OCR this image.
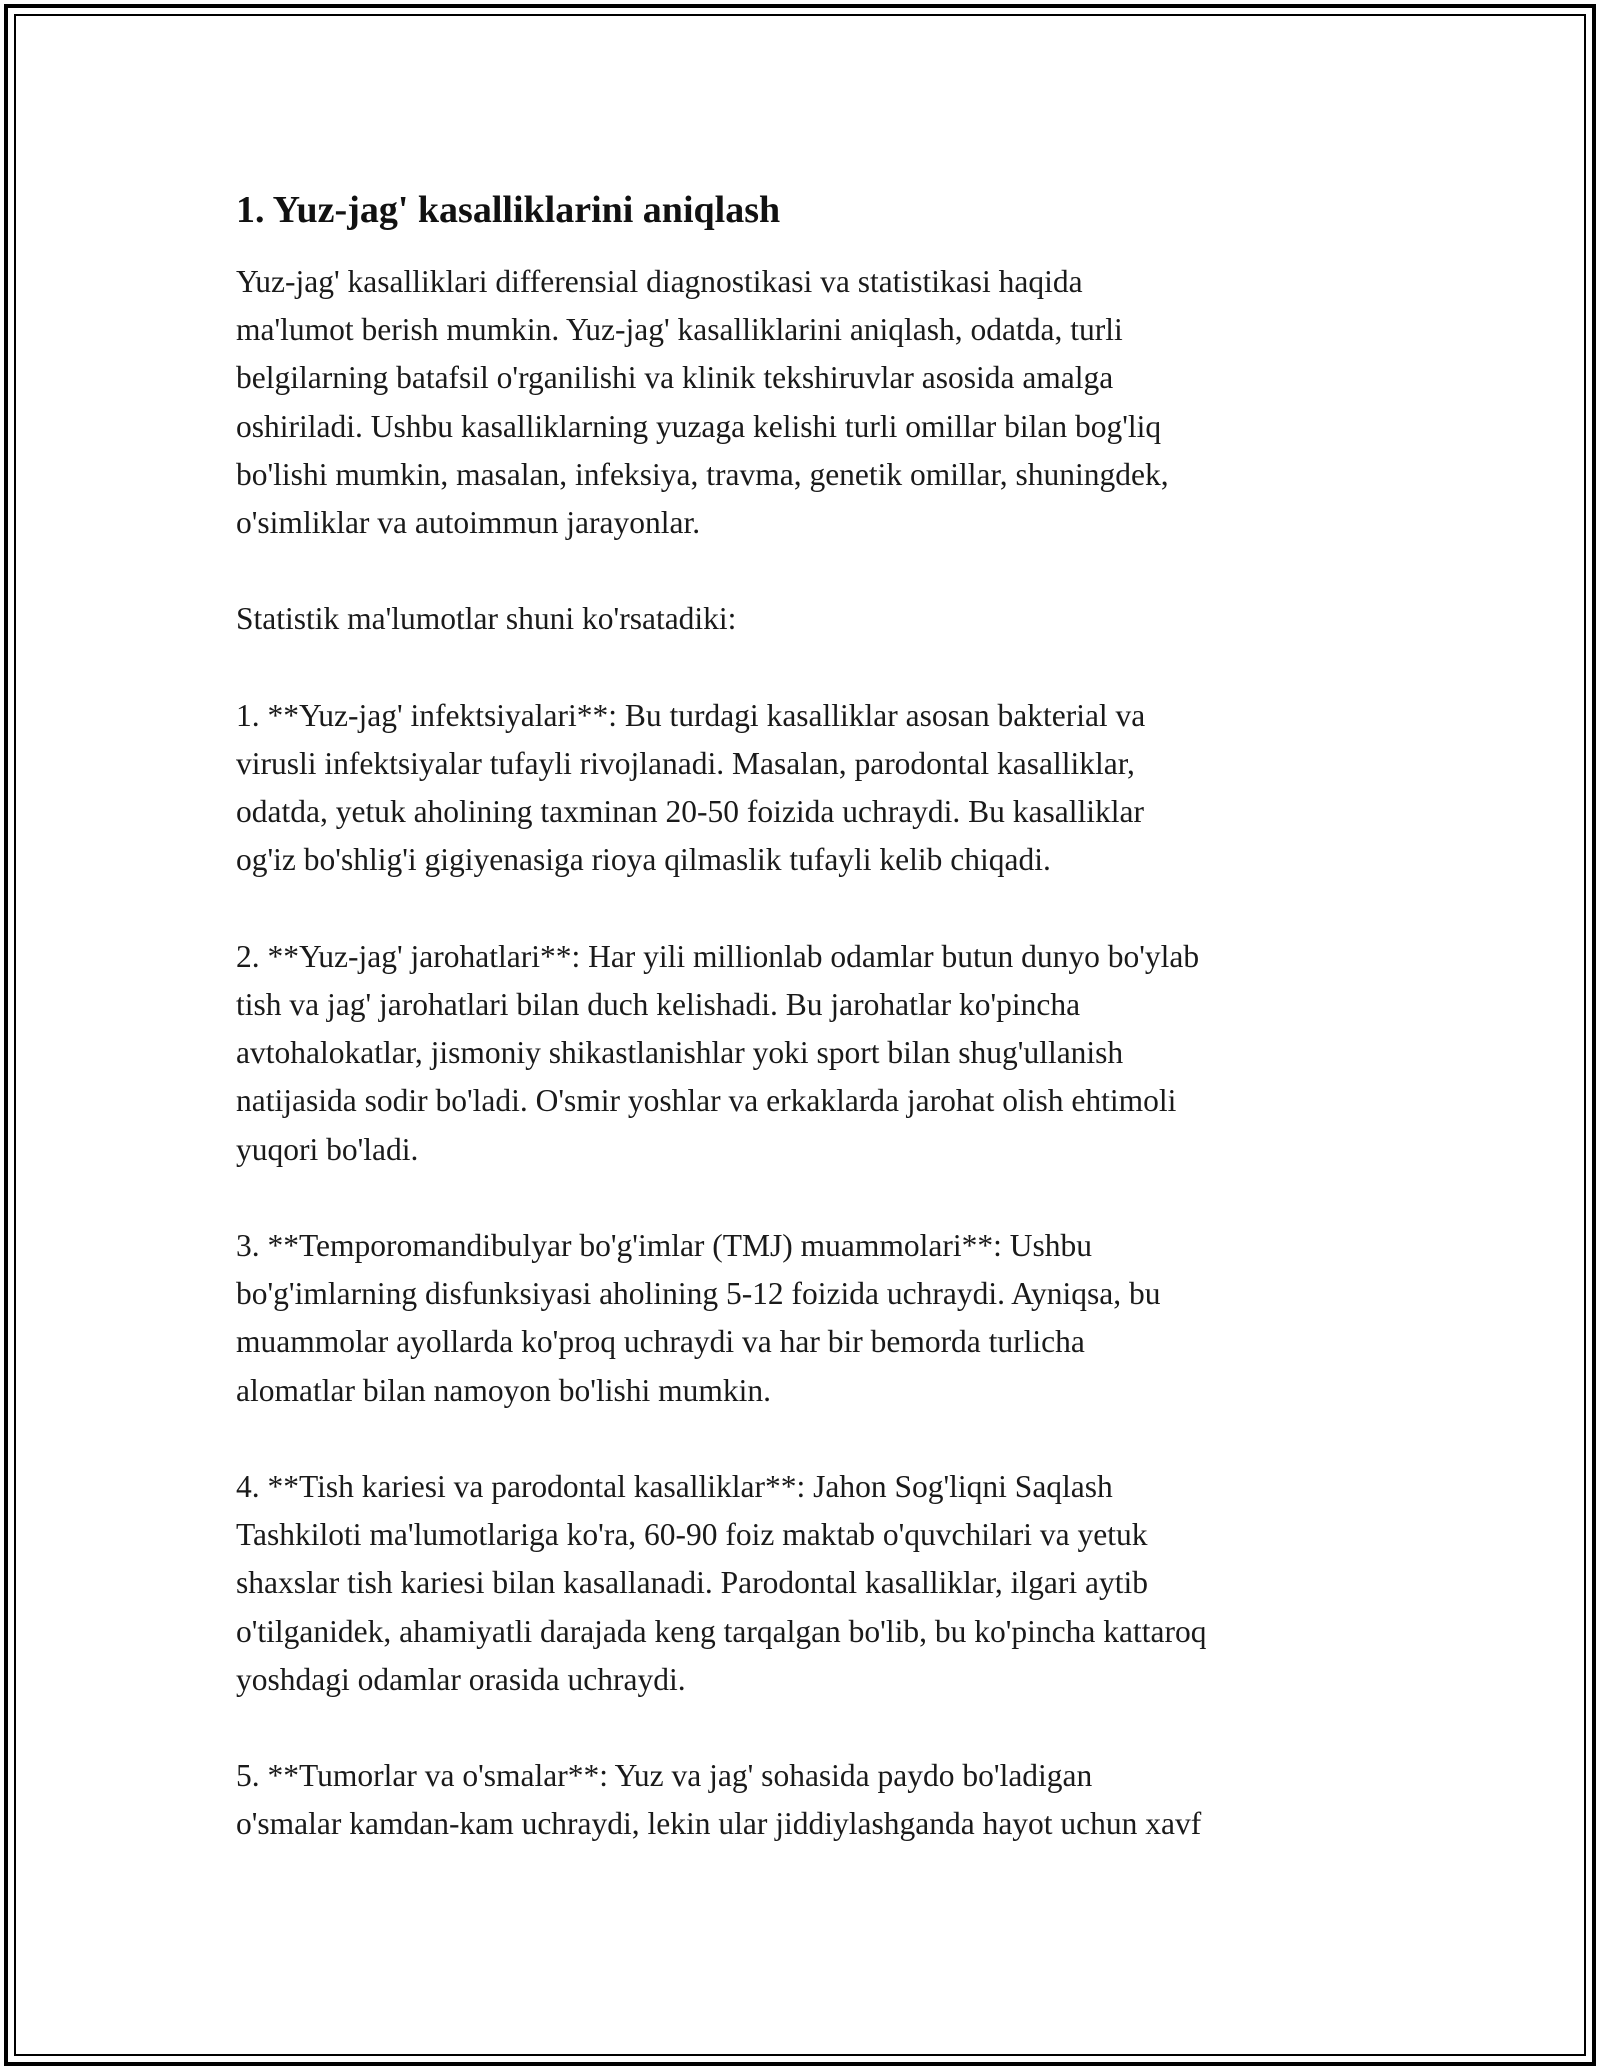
1. Yuz-jag' kasalliklarini aniqlash
Yuz-jag' kasalliklari differensial diagnostikasi va statistikasi haqida
ma'lumot berish mumkin. Yuz-jag' kasalliklarini aniqlash, odatda, turli
belgilarning batafsil o'rganilishi va klinik tekshiruvlar asosida amalga
oshiriladi. Ushbu kasalliklarning yuzaga kelishi turli omillar bilan bog'liq
bo'lishi mumkin, masalan, infeksiya, travma, genetik omillar, shuningdek,
o'simliklar va autoimmun jarayonlar.
Statistik ma'lumotlar shuni ko'rsatadiki:
1. **Yuz-jag' infektsiyalari**: Bu turdagi kasalliklar asosan bakterial va
virusli infektsiyalar tufayli rivojlanadi. Masalan, parodontal kasalliklar,
odatda, yetuk aholining taxminan 20-50 foizida uchraydi. Bu kasalliklar
og'iz bo'shlig'i gigiyenasiga rioya qilmaslik tufayli kelib chiqadi.
2. **Yuz-jag' jarohatlari**: Har yili millionlab odamlar butun dunyo bo'ylab
tish va jag' jarohatlari bilan duch kelishadi. Bu jarohatlar ko'pincha
avtohalokatlar, jismoniy shikastlanishlar yoki sport bilan shug'ullanish
natijasida sodir bo'ladi. O'smir yoshlar va erkaklarda jarohat olish ehtimoli
yuqori bo'ladi.
3. **Temporomandibulyar bo'g'imlar (TMJ) muammolari**: Ushbu
bo'g'imlarning disfunksiyasi aholining 5-12 foizida uchraydi. Ayniqsa, bu
muammolar ayollarda ko'proq uchraydi va har bir bemorda turlicha
alomatlar bilan namoyon bo'lishi mumkin.
4. **Tish kariesi va parodontal kasalliklar**: Jahon Sog'liqni Saqlash
Tashkiloti ma'lumotlariga ko'ra, 60-90 foiz maktab o'quvchilari va yetuk
shaxslar tish kariesi bilan kasallanadi. Parodontal kasalliklar, ilgari aytib
o'tilganidek, ahamiyatli darajada keng tarqalgan bo'lib, bu ko'pincha kattaroq
yoshdagi odamlar orasida uchraydi.
5. **Tumorlar va o'smalar**: Yuz va jag' sohasida paydo bo'ladigan
o'smalar kamdan-kam uchraydi, lekin ular jiddiylashganda hayot uchun xavf
